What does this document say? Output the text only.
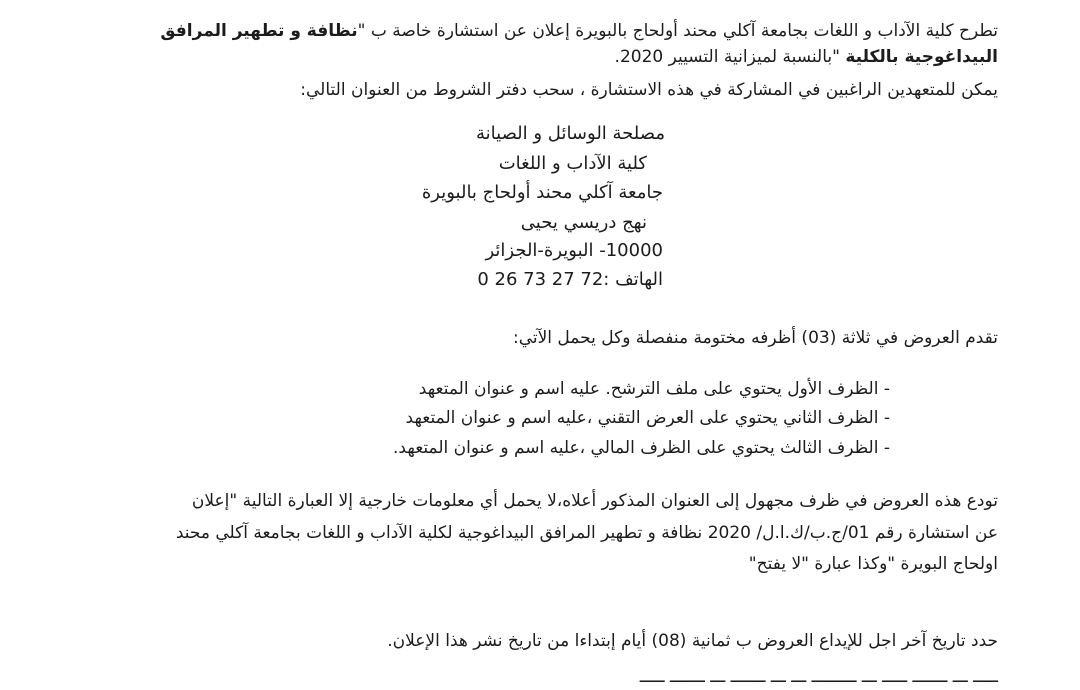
تطرح كلية الآداب و اللغات بجامعة آكلي محند أولحاج بالبويرة إعلان عن استشارة خاصة ب "نظافة و تطهير المرافق
البيداغوجية بالكلية "بالنسبة لميزانية التسيير 2020.
يمكن للمتعهدين الراغبين في المشاركة في هذه الاستشارة ، سحب دفتر الشروط من العنوان التالي:
مصلحة الوسائل و الصيانة
كلية الآداب و اللغات
جامعة آكلي محند أولحاج بالبويرة
نهج دريسي يحيى
10000- البويرة-الجزائر
الهاتف :0 26 73 27 72
تقدم العروض في ثلاثة (03) أظرفه مختومة منفصلة وكل يحمل الآتي:
- الظرف الأول يحتوي على ملف الترشح. عليه اسم و عنوان المتعهد
- الظرف الثاني يحتوي على العرض التقني ،عليه اسم و عنوان المتعهد
- الظرف الثالث يحتوي على الظرف المالي ،عليه اسم و عنوان المتعهد.
تودع هذه العروض في ظرف مجهول إلى العنوان المذكور أعلاه،لا يحمل أي معلومات خارجية إلا العبارة التالية "إعلان
عن استشارة رقم 01/ج.ب/ك.ا.ل/ 2020 نظافة و تطهير المرافق البيداغوجية لكلية الآداب و اللغات بجامعة آكلي محند
اولحاج البويرة "وكذا عبارة "لا يفتح"
حدد تاريخ آخر اجل للإيداع العروض ب ثمانية (08) أيام إبتداءا من تاريخ نشر هذا الإعلان.
ـــــ ـــ ـــــــ ـــــ ـــ ـــــــــ ـــ ـــ ـــــــ ـــ ـــــــ ـــــ
